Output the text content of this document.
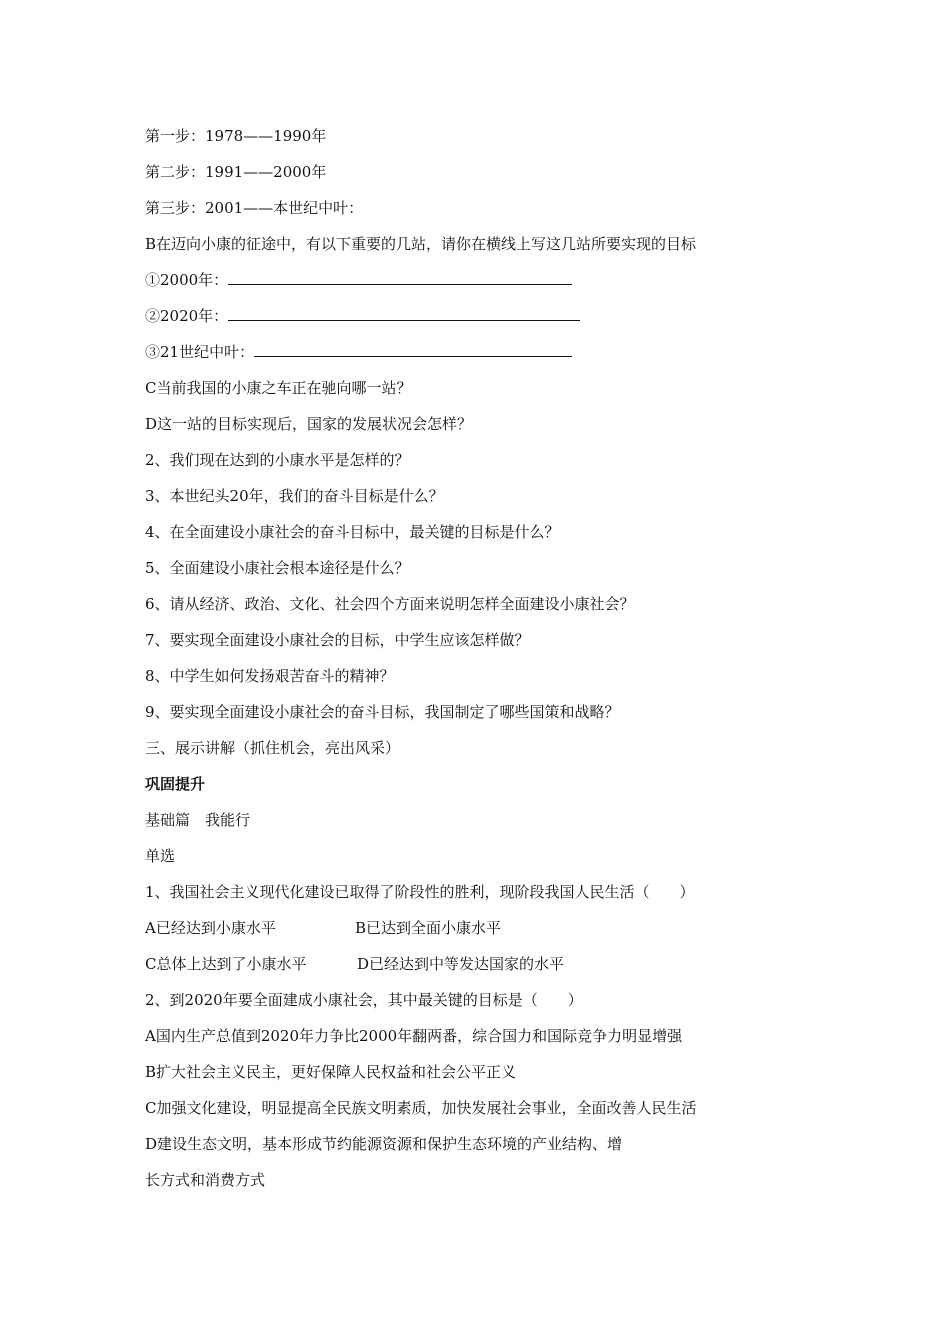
第一步：1978——1990年
第二步：1991——2000年
第三步：2001——本世纪中叶：
B在迈向小康的征途中，有以下重要的几站，请你在横线上写这几站所要实现的目标
①2000年：
②2020年：
③21世纪中叶：
C当前我国的小康之车正在驰向哪一站？
D这一站的目标实现后，国家的发展状况会怎样？
2、我们现在达到的小康水平是怎样的？
3、本世纪头20年，我们的奋斗目标是什么？
4、在全面建设小康社会的奋斗目标中，最关键的目标是什么？
5、全面建设小康社会根本途径是什么？
6、请从经济、政治、文化、社会四个方面来说明怎样全面建设小康社会？
7、要实现全面建设小康社会的目标，中学生应该怎样做？
8、中学生如何发扬艰苦奋斗的精神？
9、要实现全面建设小康社会的奋斗目标，我国制定了哪些国策和战略？
三、展示讲解（抓住机会，亮出风采）
巩固提升
基础篇　我能行
单选
1、我国社会主义现代化建设已取得了阶段性的胜利，现阶段我国人民生活（　　）
A已经达到小康水平	B已达到全面小康水平
C总体上达到了小康水平	D已经达到中等发达国家的水平
2、到2020年要全面建成小康社会，其中最关键的目标是（　　）
A国内生产总值到2020年力争比2000年翻两番，综合国力和国际竞争力明显增强
B扩大社会主义民主，更好保障人民权益和社会公平正义
C加强文化建设，明显提高全民族文明素质，加快发展社会事业，全面改善人民生活
D建设生态文明，基本形成节约能源资源和保护生态环境的产业结构、增
长方式和消费方式
